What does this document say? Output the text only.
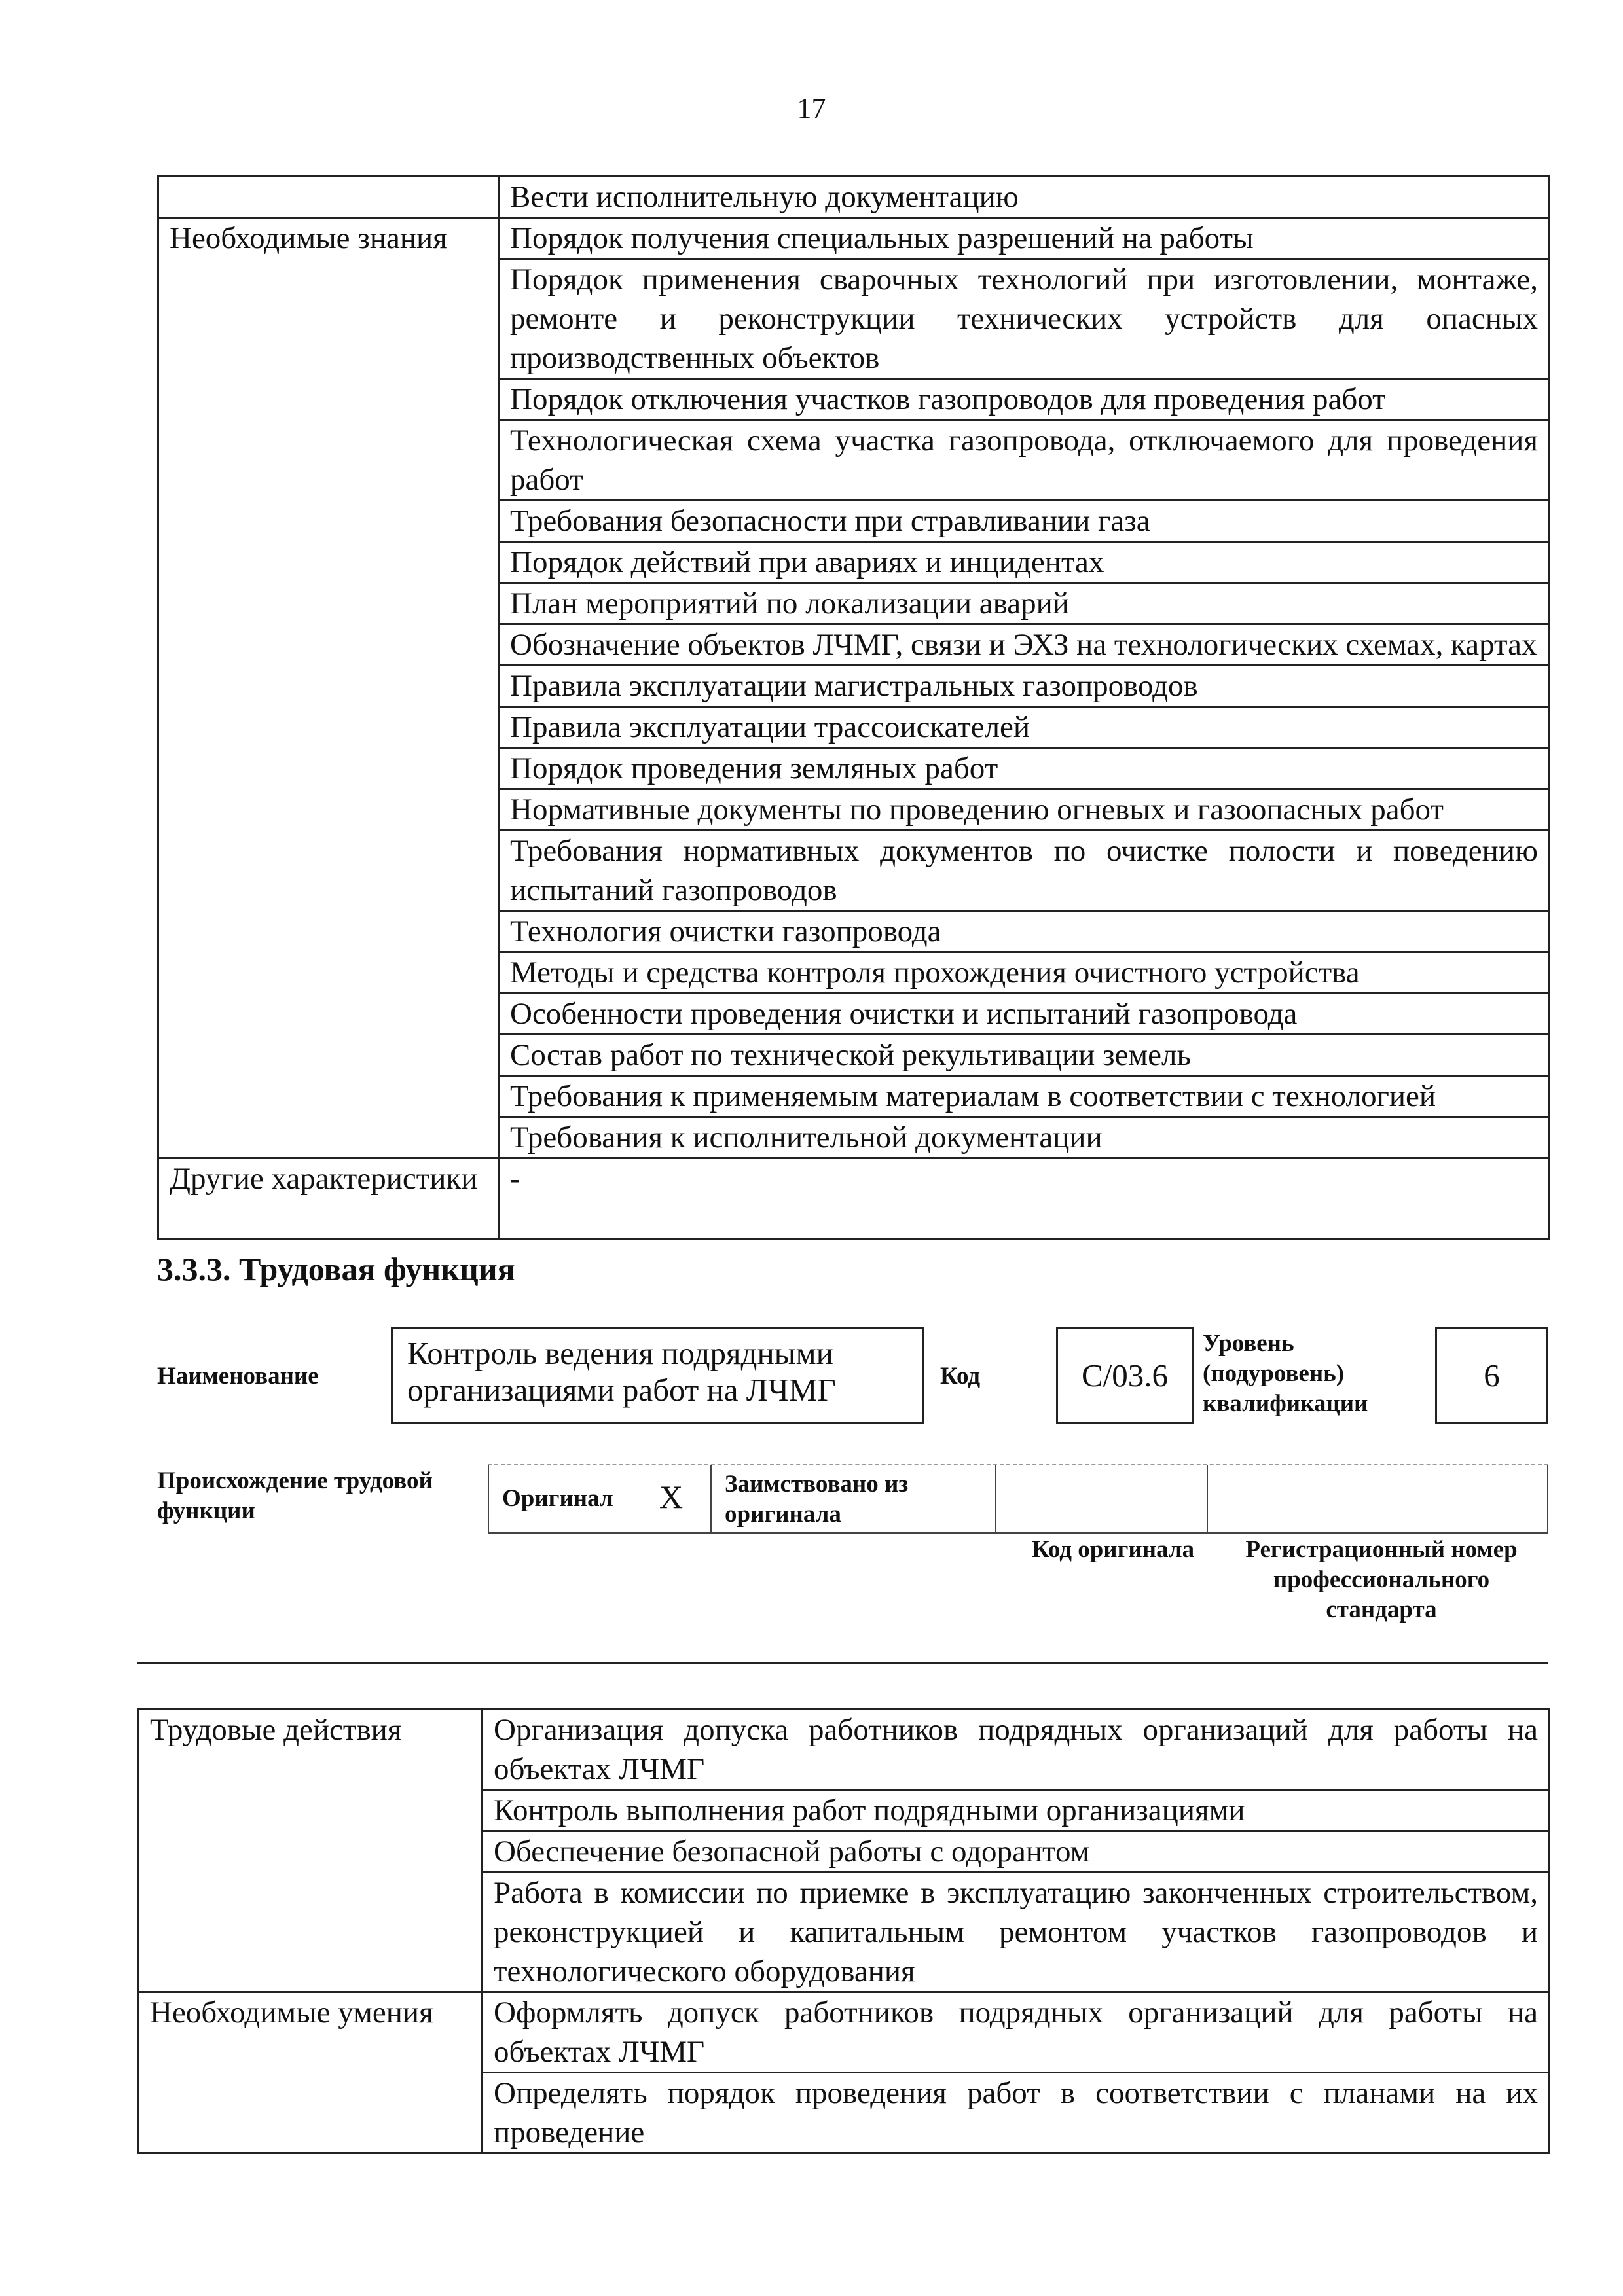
17
	Вести исполнительную документацию
Необходимые знания	Порядок получения специальных разрешений на работы
	Порядок применения сварочных технологий при изготовлении, монтаже, ремонте и реконструкции технических устройств для опасных производственных объектов
	Порядок отключения участков газопроводов для проведения работ
	Технологическая схема участка газопровода, отключаемого для проведения работ
	Требования безопасности при стравливании газа
	Порядок действий при авариях и инцидентах
	План мероприятий по локализации аварий
	Обозначение объектов ЛЧМГ, связи и ЭХЗ на технологических схемах, картах
	Правила эксплуатации магистральных газопроводов
	Правила эксплуатации трассоискателей
	Порядок проведения земляных работ
	Нормативные документы по проведению огневых и газоопасных работ
	Требования нормативных документов по очистке полости и поведению испытаний газопроводов
	Технология очистки газопровода
	Методы и средства контроля прохождения очистного устройства
	Особенности проведения очистки и испытаний газопровода
	Состав работ по технической рекультивации земель
	Требования к применяемым материалам в соответствии с технологией
	Требования к исполнительной документации
Другие характеристики	-
3.3.3. Трудовая функция
Наименование
Контроль ведения подрядными организациями работ на ЛЧМГ	Код	С/03.6
Уровень (подуровень) квалификации
6
Происхождение трудовой функции	Оригинал X Заимствовано из оригинала
Код оригинала	Регистрационный номер профессионального стандарта
Трудовые действия	Организация допуска работников подрядных организаций для работы на объектах ЛЧМГ
	Контроль выполнения работ подрядными организациями
	Обеспечение безопасной работы с одорантом
	Работа в комиссии по приемке в эксплуатацию законченных строительством, реконструкцией и капитальным ремонтом участков газопроводов и технологического оборудования
Необходимые умения	Оформлять допуск работников подрядных организаций для работы на объектах ЛЧМГ
	Определять порядок проведения работ в соответствии с планами на их проведение
